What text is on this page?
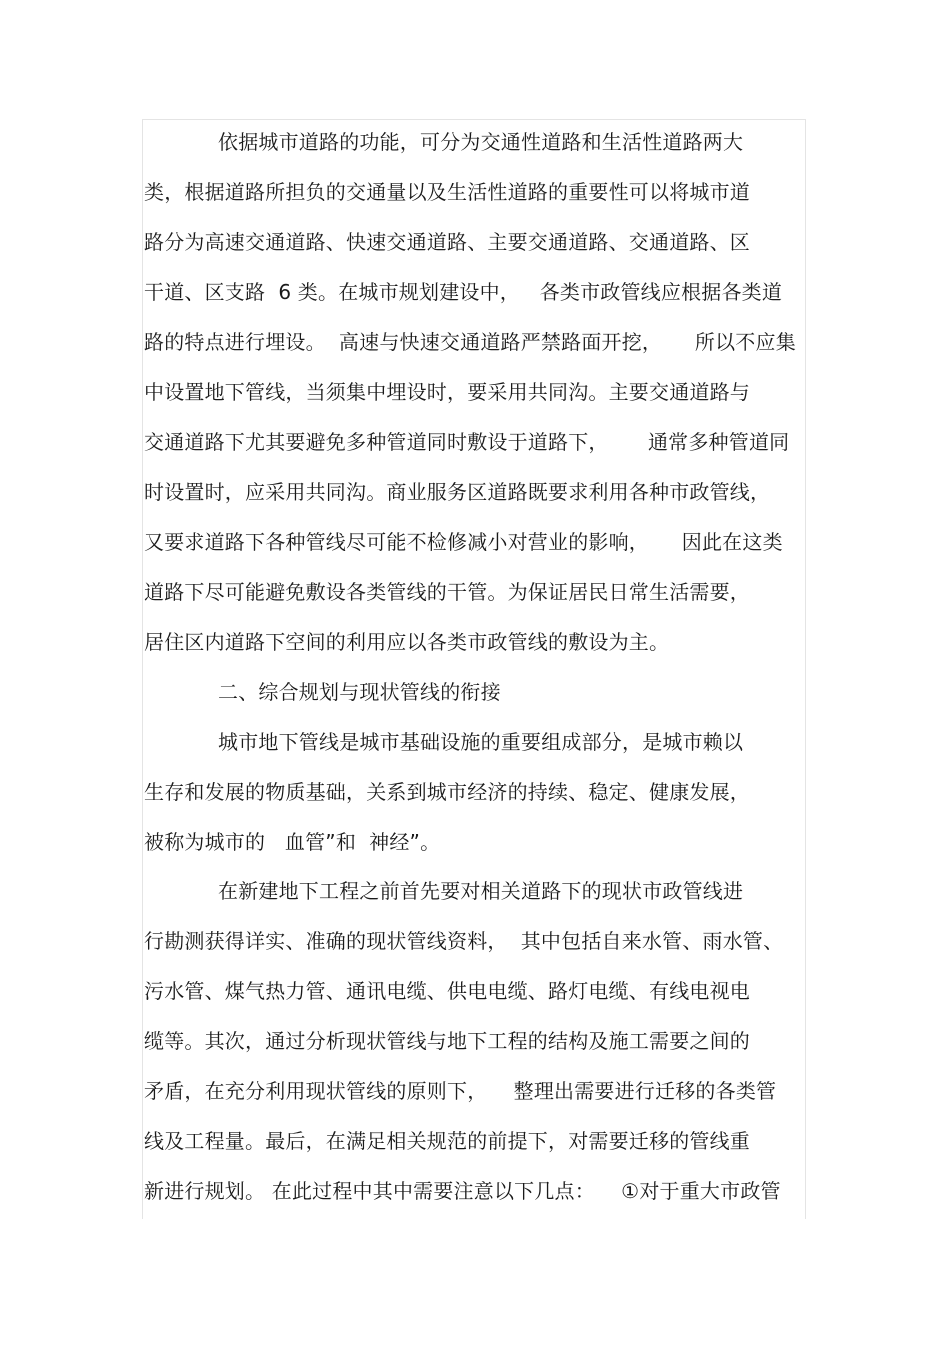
依据城市道路的功能，可分为交通性道路和生活性道路两大
类，根据道路所担负的交通量以及生活性道路的重要性可以将城市道
路分为高速交通道路、快速交通道路、主要交通道路、交通道路、区
干道、区支路  6 类。在城市规划建设中，   各类市政管线应根据各类道
路的特点进行埋设。  高速与快速交通道路严禁路面开挖，     所以不应集
中设置地下管线，当须集中埋设时，要采用共同沟。主要交通道路与
交通道路下尤其要避免多种管道同时敷设于道路下，      通常多种管道同
时设置时，应采用共同沟。商业服务区道路既要求利用各种市政管线，
又要求道路下各种管线尽可能不检修减小对营业的影响，     因此在这类
道路下尽可能避免敷设各类管线的干管。为保证居民日常生活需要，
居住区内道路下空间的利用应以各类市政管线的敷设为主。
二、综合规划与现状管线的衔接
城市地下管线是城市基础设施的重要组成部分，是城市赖以
生存和发展的物质基础，关系到城市经济的持续、稳定、健康发展，
被称为城市的   血管”和  神经”。
在新建地下工程之前首先要对相关道路下的现状市政管线进
行勘测获得详实、准确的现状管线资料，  其中包括自来水管、雨水管、
污水管、煤气热力管、通讯电缆、供电电缆、路灯电缆、有线电视电
缆等。其次，通过分析现状管线与地下工程的结构及施工需要之间的
矛盾，在充分利用现状管线的原则下，    整理出需要进行迁移的各类管
线及工程量。最后，在满足相关规范的前提下，对需要迁移的管线重
新进行规划。 在此过程中其中需要注意以下几点：    ①对于重大市政管
